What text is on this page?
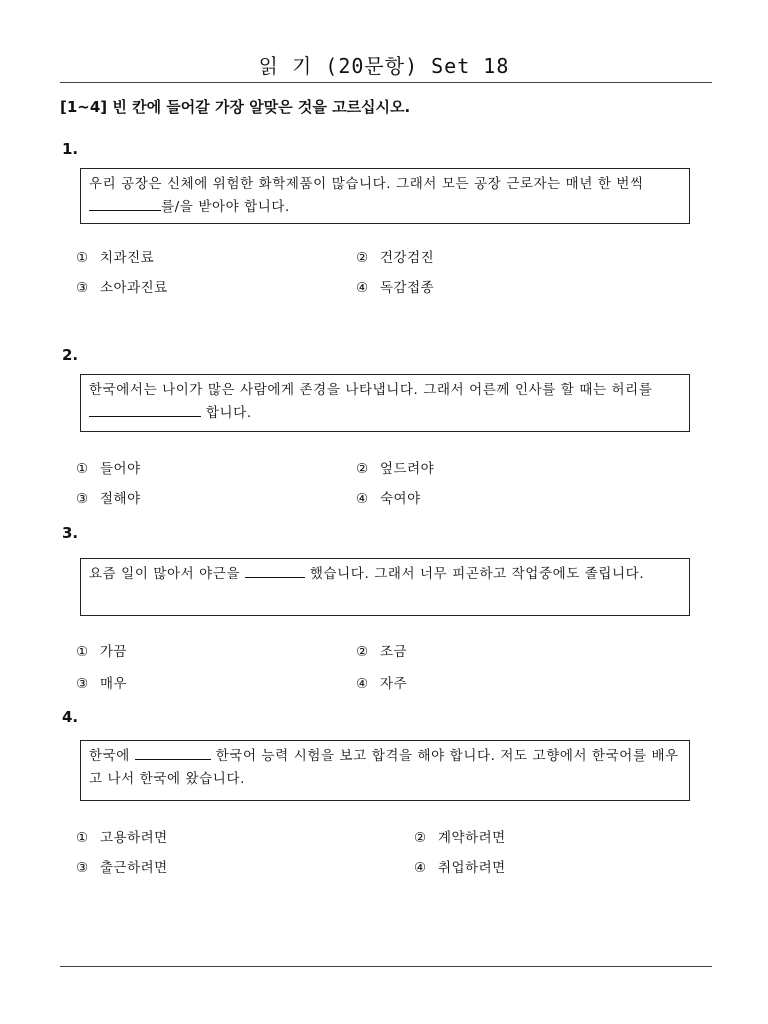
읽 기 (20문항) Set 18
[1~4] 빈 칸에 들어갈 가장 알맞은 것을 고르십시오.
1.
우리 공장은 신체에 위험한 화학제품이 많습니다. 그래서 모든 공장 근로자는 매년 한 번씩 를/을 받아야 합니다.
① 치과진료	② 건강검진
③ 소아과진료	④ 독감접종
2.
한국에서는 나이가 많은 사람에게 존경을 나타냅니다. 그래서 어른께 인사를 할 때는 허리를  합니다.
① 들어야	② 엎드려야
③ 절해야	④ 숙여야
3.
요즘 일이 많아서 야근을	했습니다. 그래서 너무 피곤하고 작업중에도 졸립니다.
① 가끔	② 조금
③ 매우	④ 자주
4.
한국에	한국어 능력 시험을 보고 합격을 해야 합니다. 저도 고향에서 한국어를 배우고 나서 한국에 왔습니다.
① 고용하려면	② 계약하려면
③ 출근하려면	④ 취업하려면
